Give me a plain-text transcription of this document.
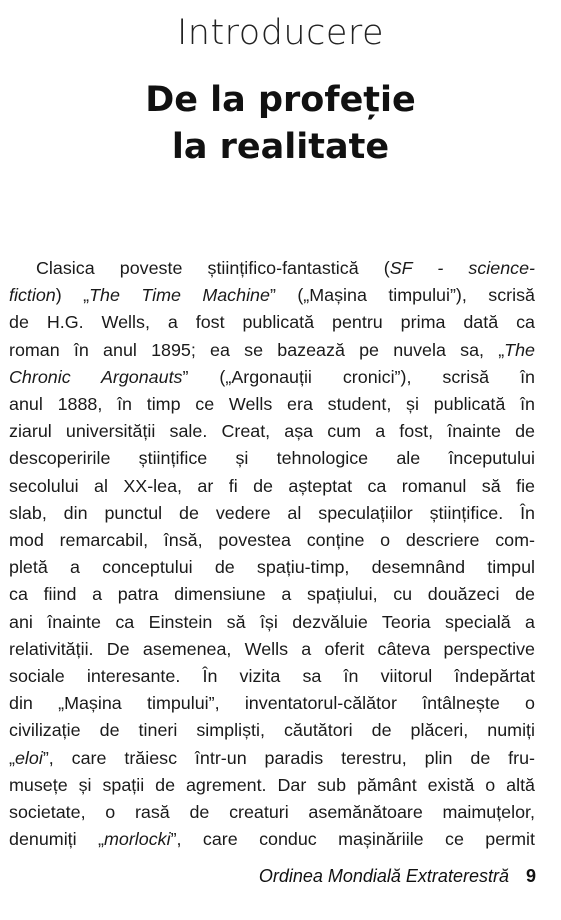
Introducere
De la profeție
la realitate
Clasica poveste științifico-fantastică (SF - science-
fiction) „The Time Machine” („Mașina timpului”), scrisă
de H.G. Wells, a fost publicată pentru prima dată ca
roman în anul 1895; ea se bazează pe nuvela sa, „The
Chronic Argonauts” („Argonauții cronici”), scrisă în
anul 1888, în timp ce Wells era student, și publicată în
ziarul universității sale. Creat, așa cum a fost, înainte de
descoperirile științifice și tehnologice ale începutului
secolului al XX-lea, ar fi de așteptat ca romanul să fie
slab, din punctul de vedere al speculațiilor științifice. În
mod remarcabil, însă, povestea conține o descriere com-
pletă a conceptului de spațiu-timp, desemnând timpul
ca fiind a patra dimensiune a spațiului, cu douăzeci de
ani înainte ca Einstein să își dezvăluie Teoria specială a
relativității. De asemenea, Wells a oferit câteva perspective
sociale interesante. În vizita sa în viitorul îndepărtat
din „Mașina timpului”, inventatorul-călător întâlnește o
civilizație de tineri simpliști, căutători de plăceri, numiți
„eloi”, care trăiesc într-un paradis terestru, plin de fru-
musețe și spații de agrement. Dar sub pământ există o altă
societate, o rasă de creaturi asemănătoare maimuțelor,
denumiți „morlocki”, care conduc mașinăriile ce permit
Ordinea Mondială Extraterestră 9
